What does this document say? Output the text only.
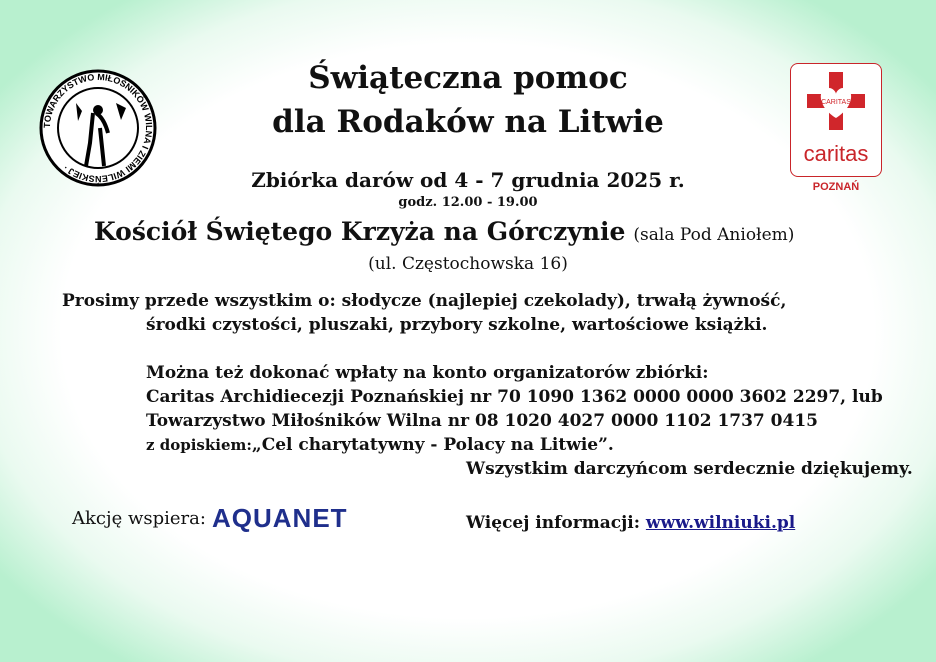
TOWARZYSTWO MIŁOŚNIKÓW WILNA I ZIEMI WILEŃSKIEJ ·
Świąteczna pomoc
dla Rodaków na Litwie
CARITAS
caritas
POZNAŃ
Zbiórka darów od 4 - 7 grudnia 2025 r.
godz. 12.00 - 19.00
Kościół Świętego Krzyża na Górczynie (sala Pod Aniołem)
(ul. Częstochowska 16)
Prosimy przede wszystkim o: słodycze (najlepiej czekolady), trwałą żywność,
środki czystości, pluszaki, przybory szkolne, wartościowe książki.
Można też dokonać wpłaty na konto organizatorów zbiórki:
Caritas Archidiecezji Poznańskiej nr 70 1090 1362 0000 0000 3602 2297, lub
Towarzystwo Miłośników Wilna nr 08 1020 4027 0000 1102 1737 0415
z dopiskiem:„Cel charytatywny - Polacy na Litwie”.
Wszystkim darczyńcom serdecznie dziękujemy.
Akcję wspiera: AQUANET	Więcej informacji: www.wilniuki.pl
